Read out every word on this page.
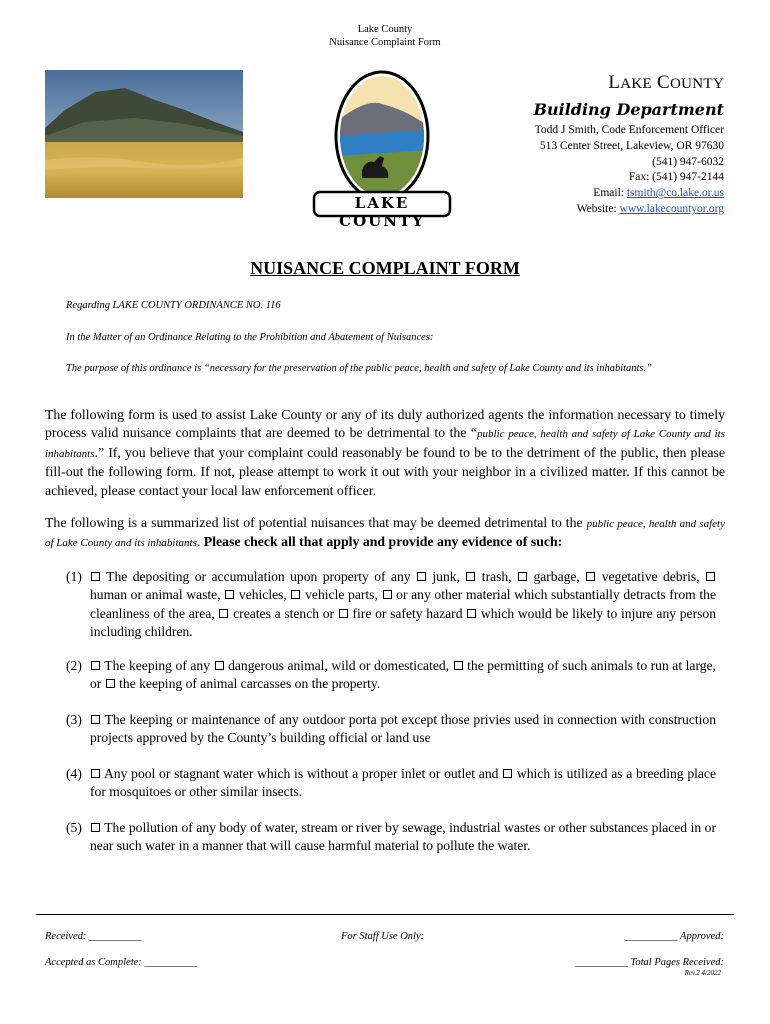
Lake County
Nuisance Complaint Form
LAKE COUNTY
LAKE COUNTY
Building Department
Todd J Smith, Code Enforcement Officer
513 Center Street, Lakeview, OR 97630
(541) 947-6032
Fax: (541) 947-2144
Email: tsmith@co.lake.or.us
Website: www.lakecountyor.org
NUISANCE COMPLAINT FORM
Regarding LAKE COUNTY ORDINANCE NO. 116
In the Matter of an Ordinance Relating to the Prohibition and Abatement of Nuisances:
The purpose of this ordinance is “necessary for the preservation of the public peace, health and safety of Lake County and its inhabitants.”
The following form is used to assist Lake County or any of its duly authorized agents the information necessary to timely process valid nuisance complaints that are deemed to be detrimental to the “public peace, health and safety of Lake County and its inhabitants.” If, you believe that your complaint could reasonably be found to be to the detriment of the public, then please fill-out the following form. If not, please attempt to work it out with your neighbor in a civilized matter. If this cannot be achieved, please contact your local law enforcement officer.
The following is a summarized list of potential nuisances that may be deemed detrimental to the public peace, health and safety of Lake County and its inhabitants. Please check all that apply and provide any evidence of such:
(1)	The depositing or accumulation upon property of any  junk,  trash,  garbage,  vegetative debris,  human or animal waste,  vehicles,  vehicle parts,  or any other material which substantially detracts from the cleanliness of the area,  creates a stench or  fire or safety hazard  which would be likely to injure any person including children.
(2)	The keeping of any  dangerous animal, wild or domesticated,  the permitting of such animals to run at large, or  the keeping of animal carcasses on the property.
(3)	The keeping or maintenance of any outdoor porta pot except those privies used in connection with construction projects approved by the County’s building official or land use
(4)	Any pool or stagnant water which is without a proper inlet or outlet and  which is utilized as a breeding place for mosquitoes or other similar insects.
(5)	The pollution of any body of water, stream or river by sewage, industrial wastes or other substances placed in or near such water in a manner that will cause harmful material to pollute the water.
Received: __________	For Staff Use Only:	__________ Approved:
Accepted as Complete: __________	__________ Total Pages Received:
Rev.2 4/2022
